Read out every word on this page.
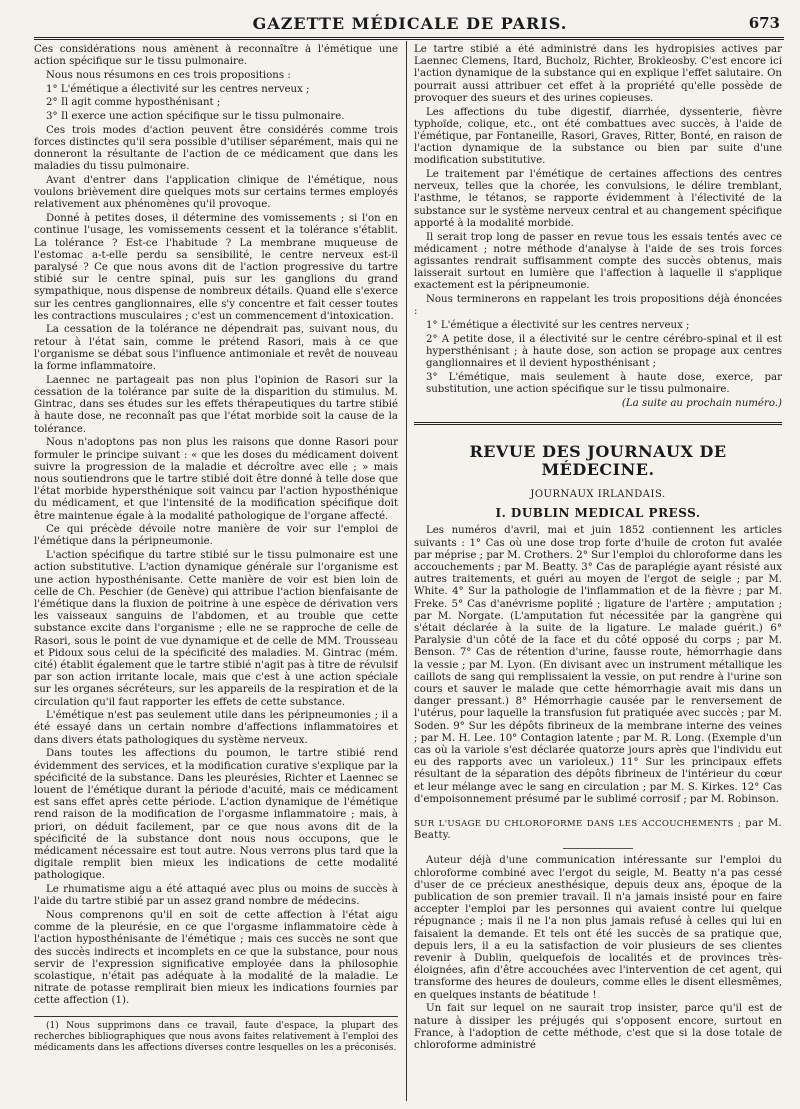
GAZETTE MÉDICALE DE PARIS.	673

Ces considérations nous amènent à reconnaître à l'émétique une action spécifique sur le tissu pulmonaire.

Nous nous résumons en ces trois propositions :

1° L'émétique a électivité sur les centres nerveux ;

2° Il agit comme hyposthénisant ;

3° Il exerce une action spécifique sur le tissu pulmonaire.

Ces trois modes d'action peuvent être considérés comme trois forces distinctes qu'il sera possible d'utiliser séparément, mais qui ne donneront la résultante de l'action de ce médicament que dans les maladies du tissu pulmonaire.

Avant d'entrer dans l'application clinique de l'émétique, nous voulons brièvement dire quelques mots sur certains termes employés relativement aux phénomènes qu'il provoque.

Donné à petites doses, il détermine des vomissements ; si l'on en continue l'usage, les vomissements cessent et la tolérance s'établit. La tolérance ? Est-ce l'habitude ? La membrane muqueuse de l'estomac a-t-elle perdu sa sensibilité, le centre nerveux est-il paralysé ? Ce que nous avons dit de l'action progressive du tartre stibié sur le centre spinal, puis sur les ganglions du grand sympathique, nous dispense de nombreux détails. Quand elle s'exerce sur les centres ganglionnaires, elle s'y concentre et fait cesser toutes les contractions musculaires ; c'est un commencement d'intoxication.

La cessation de la tolérance ne dépendrait pas, suivant nous, du retour à l'état sain, comme le prétend Rasori, mais à ce que l'organisme se débat sous l'influence antimoniale et revêt de nouveau la forme inflammatoire.

Laennec ne partageait pas non plus l'opinion de Rasori sur la cessation de la tolérance par suite de la disparition du stimulus. M. Gintrac, dans ses études sur les effets thérapeutiques du tartre stibié à haute dose, ne reconnaît pas que l'état morbide soit la cause de la tolérance.

Nous n'adoptons pas non plus les raisons que donne Rasori pour formuler le principe suivant : « que les doses du médicament doivent suivre la progression de la maladie et décroître avec elle ; » mais nous soutiendrons que le tartre stibié doit être donné à telle dose que l'état morbide hypersthénique soit vaincu par l'action hyposthénique du médicament, et que l'intensité de la modification spécifique doit être maintenue égale à la modalité pathologique de l'organe affecté.

Ce qui précède dévoile notre manière de voir sur l'emploi de l'émétique dans la péripneumonie.

L'action spécifique du tartre stibié sur le tissu pulmonaire est une action substitutive. L'action dynamique générale sur l'organisme est une action hyposthénisante. Cette manière de voir est bien loin de celle de Ch. Peschier (de Genève) qui attribue l'action bienfaisante de l'émétique dans la fluxion de poitrine à une espèce de dérivation vers les vaisseaux sanguins de l'abdomen, et au trouble que cette substance excite dans l'organisme ; elle ne se rapproche de celle de Rasori, sous le point de vue dynamique et de celle de MM. Trousseau et Pidoux sous celui de la spécificité des maladies. M. Gintrac (mém. cité) établit également que le tartre stibié n'agit pas à titre de révulsif par son action irritante locale, mais que c'est à une action spéciale sur les organes sécréteurs, sur les appareils de la respiration et de la circulation qu'il faut rapporter les effets de cette substance.

L'émétique n'est pas seulement utile dans les péripneumonies ; il a été essayé dans un certain nombre d'affections inflammatoires et dans divers états pathologiques du système nerveux.

Dans toutes les affections du poumon, le tartre stibié rend évidemment des services, et la modification curative s'explique par la spécificité de la substance. Dans les pleurésies, Richter et Laennec se louent de l'émétique durant la période d'acuité, mais ce médicament est sans effet après cette période. L'action dynamique de l'émétique rend raison de la modification de l'orgasme inflammatoire ; mais, à priori, on déduit facilement, par ce que nous avons dit de la spécificité de la substance dont nous nous occupons, que le médicament nécessaire est tout autre. Nous verrons plus tard que la digitale remplit bien mieux les indications de cette modalité pathologique.

Le rhumatisme aigu a été attaqué avec plus ou moins de succès à l'aide du tartre stibié par un assez grand nombre de médecins.

Nous comprenons qu'il en soit de cette affection à l'état aigu comme de la pleurésie, en ce que l'orgasme inflammatoire cède à l'action hyposthénisante de l'émétique ; mais ces succès ne sont que des succès indirects et incomplets en ce que la substance, pour nous servir de l'expression significative employée dans la philosophie scolastique, n'était pas adéquate à la modalité de la maladie. Le nitrate de potasse remplirait bien mieux les indications fournies par cette affection (1).

(1) Nous supprimons dans ce travail, faute d'espace, la plupart des recherches bibliographiques que nous avons faites relativement à l'emploi des médicaments dans les affections diverses contre lesquelles on les a préconisés.

Le tartre stibié a été administré dans les hydropisies actives par Laennec Clemens, Itard, Bucholz, Richter, Brokleosby. C'est encore ici l'action dynamique de la substance qui en explique l'effet salutaire. On pourrait aussi attribuer cet effet à la propriété qu'elle possède de provoquer des sueurs et des urines copieuses.

Les affections du tube digestif, diarrhée, dyssenterie, fièvre typhoïde, colique, etc., ont été combattues avec succès, à l'aide de l'émétique, par Fontaneille, Rasori, Graves, Ritter, Bonté, en raison de l'action dynamique de la substance ou bien par suite d'une modification substitutive.

Le traitement par l'émétique de certaines affections des centres nerveux, telles que la chorée, les convulsions, le délire tremblant, l'asthme, le tétanos, se rapporte évidemment à l'électivité de la substance sur le système nerveux central et au changement spécifique apporté à la modalité morbide.

Il serait trop long de passer en revue tous les essais tentés avec ce médicament ; notre méthode d'analyse à l'aide de ses trois forces agissantes rendrait suffisamment compte des succès obtenus, mais laisserait surtout en lumière que l'affection à laquelle il s'applique exactement est la péripneumonie.

Nous terminerons en rappelant les trois propositions déjà énoncées :

1° L'émétique a électivité sur les centres nerveux ;

2° A petite dose, il a électivité sur le centre cérébro-spinal et il est hypersthénisant ; à haute dose, son action se propage aux centres ganglionnaires et il devient hyposthénisant ;

3° L'émétique, mais seulement à haute dose, exerce, par substitution, une action spécifique sur le tissu pulmonaire.

(La suite au prochain numéro.)

REVUE DES JOURNAUX DE MÉDECINE.
JOURNAUX IRLANDAIS.
I. DUBLIN MEDICAL PRESS.

Les numéros d'avril, mai et juin 1852 contiennent les articles suivants : 1° Cas où une dose trop forte d'huile de croton fut avalée par méprise ; par M. Crothers. 2° Sur l'emploi du chloroforme dans les accouchements ; par M. Beatty. 3° Cas de paraplégie ayant résisté aux autres traitements, et guéri au moyen de l'ergot de seigle ; par M. White. 4° Sur la pathologie de l'inflammation et de la fièvre ; par M. Freke. 5° Cas d'anévrisme poplité ; ligature de l'artère ; amputation ; par M. Norgate. (L'amputation fut nécessitée par la gangrène qui s'était déclarée à la suite de la ligature. Le malade guérit.) 6° Paralysie d'un côté de la face et du côté opposé du corps ; par M. Benson. 7° Cas de rétention d'urine, fausse route, hémorrhagie dans la vessie ; par M. Lyon. (En divisant avec un instrument métallique les caillots de sang qui remplissaient la vessie, on put rendre à l'urine son cours et sauver le malade que cette hémorrhagie avait mis dans un danger pressant.) 8° Hémorrhagie causée par le renversement de l'utérus, pour laquelle la transfusion fut pratiquée avec succès ; par M. Soden. 9° Sur les dépôts fibrineux de la membrane interne des veines ; par M. H. Lee. 10° Contagion latente ; par M. R. Long. (Exemple d'un cas où la variole s'est déclarée quatorze jours après que l'individu eut eu des rapports avec un varioleux.) 11° Sur les principaux effets résultant de la séparation des dépôts fibrineux de l'intérieur du cœur et leur mélange avec le sang en circulation ; par M. S. Kirkes. 12° Cas d'empoisonnement présumé par le sublimé corrosif ; par M. Robinson.

SUR L'USAGE DU CHLOROFORME DANS LES ACCOUCHEMENTS ; par M. Beatty.

Auteur déjà d'une communication intéressante sur l'emploi du chloroforme combiné avec l'ergot du seigle, M. Beatty n'a pas cessé d'user de ce précieux anesthésique, depuis deux ans, époque de la publication de son premier travail. Il n'a jamais insisté pour en faire accepter l'emploi par les personnes qui avaient contre lui quelque répugnance ; mais il ne l'a non plus jamais refusé à celles qui lui en faisaient la demande. Et tels ont été les succès de sa pratique que, depuis lers, il a eu la satisfaction de voir plusieurs de ses clientes revenir à Dublin, quelquefois de localités et de provinces très-éloignées, afin d'être accouchées avec l'intervention de cet agent, qui transforme des heures de douleurs, comme elles le disent ellesmêmes, en quelques instants de béatitude !

Un fait sur lequel on ne saurait trop insister, parce qu'il est de nature à dissiper les préjugés qui s'opposent encore, surtout en France, à l'adoption de cette méthode, c'est que si la dose totale de chloroforme administré
